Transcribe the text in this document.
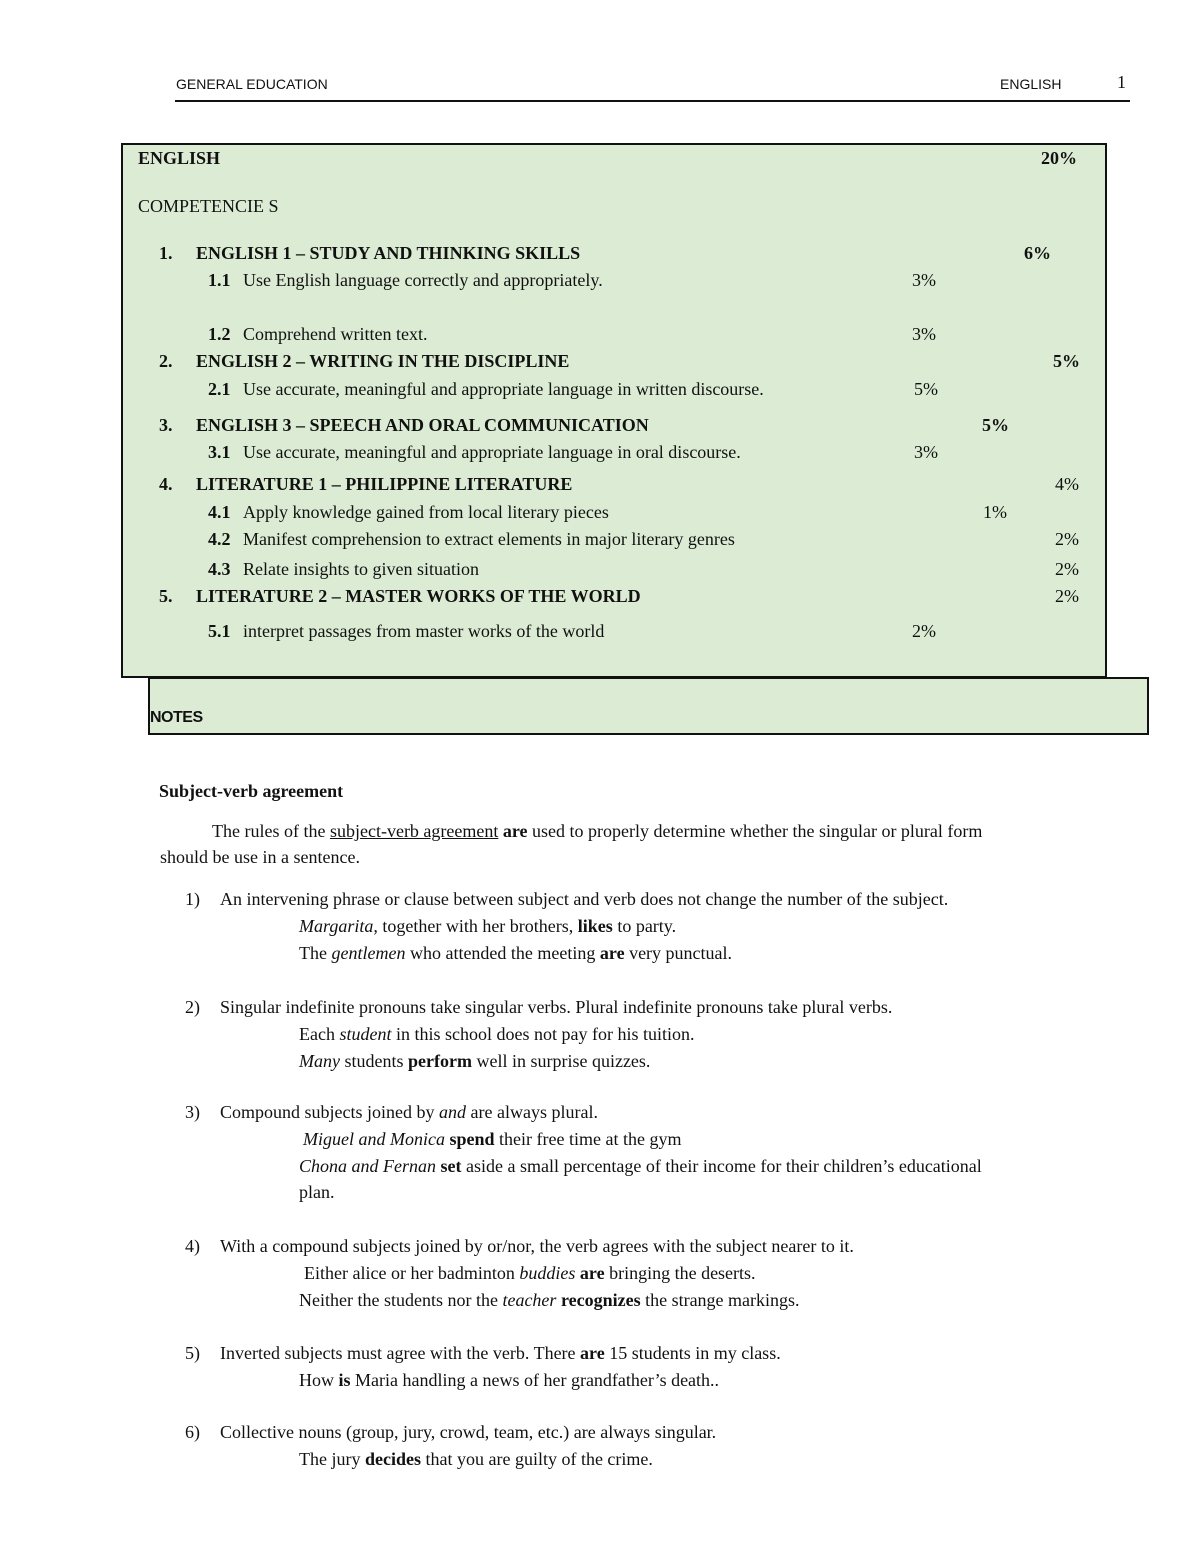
GENERAL EDUCATION	ENGLISH	1
ENGLISH	20%
COMPETENCIE S
1. ENGLISH 1 – STUDY AND THINKING SKILLS	6%
1.1 Use English language correctly and appropriately.	3%
1.2 Comprehend written text.	3%
2. ENGLISH 2 – WRITING IN THE DISCIPLINE	5%
2.1 Use accurate, meaningful and appropriate language in written discourse.	5%
3. ENGLISH 3 – SPEECH AND ORAL COMMUNICATION	5%
3.1 Use accurate, meaningful and appropriate language in oral discourse.	3%
4. LITERATURE 1 – PHILIPPINE LITERATURE	4%
4.1 Apply knowledge gained from local literary pieces	1%
4.2 Manifest comprehension to extract elements in major literary genres	2%
4.3 Relate insights to given situation	2%
5. LITERATURE 2 – MASTER WORKS OF THE WORLD	2%
5.1 interpret passages from master works of the world	2%
NOTES
Subject-verb agreement
The rules of the subject-verb agreement are used to properly determine whether the singular or plural form
should be use in a sentence.
1) An intervening phrase or clause between subject and verb does not change the number of the subject.
Margarita, together with her brothers, likes to party.
The gentlemen who attended the meeting are very punctual.
2) Singular indefinite pronouns take singular verbs. Plural indefinite pronouns take plural verbs.
Each student in this school does not pay for his tuition.
Many students perform well in surprise quizzes.
3) Compound subjects joined by and are always plural.
Miguel and Monica spend their free time at the gym
Chona and Fernan set aside a small percentage of their income for their children’s educational
plan.
4) With a compound subjects joined by or/nor, the verb agrees with the subject nearer to it.
Either alice or her badminton buddies are bringing the deserts.
Neither the students nor the teacher recognizes the strange markings.
5) Inverted subjects must agree with the verb. There are 15 students in my class.
How is Maria handling a news of her grandfather’s death..
6) Collective nouns (group, jury, crowd, team, etc.) are always singular.
The jury decides that you are guilty of the crime.
